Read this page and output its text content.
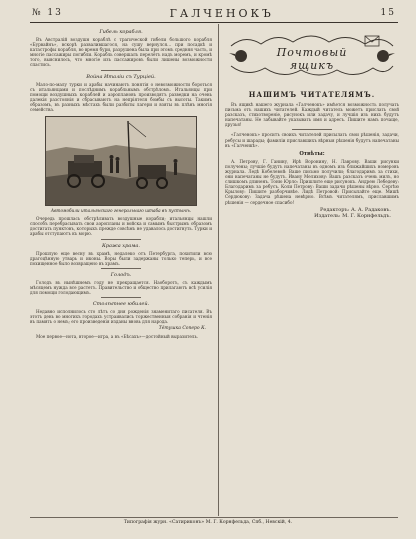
№ 13	ГАЛЧЕНОКЪ	15
Гибель корабля.

Въ Австралій воздушн кораблѣ с трагической гибели большого корабля «Бурвайнъ», вскорѣ развалившагося, на сушу вернулся... при посадкѣ и катастрофы корабля, во время бури, разрушена была при этомъ средняя часть, и многіе пассажиры погибли. Корабль совершалъ перелётъ надъ моремъ, и кромѣ того, выяснилось, что многіе изъ пассажировъ были лишены возможности спастись.

Война Италіи съ Турціей.

Мало-по-малу турки и арабы начинаютъ понятія о невозможности бороться съ итальянцами и послѣднимъ корабльнымъ обстрѣломъ. Итальянцы при помощи воздушныхъ кораблей и аэроплановъ производятъ разведки на очень далекія разстоянія и сбрасываютъ на непріятеля бомбы съ высоты. Такимъ образомъ, въ разныхъ мѣстахъ были разбиты лагери и взяты въ плѣнъ многія семейства.

Автомобили итальянскаго генеральнаго штаба въ пустынѣ.

Очередь прошлась обстрѣливать воздушные корабли; итальянцы нашли способъ перебрасывать свои аэропланы и войска и самымъ быстрымъ образомъ достигать пунктовъ, которыхъ прежде совсѣмъ не удавалось достигнуть. Турки и арабы отступаютъ къ морю.

Кража храма.

Прошлую еще весну въ храмѣ, недалеко отъ Петербурга, похитили всю драгоцѣнную утварь и иконы. Воры были задержаны только теперь, и все похищенное было возвращено въ храмъ.

Голодъ.

Голодъ въ нынѣшнемъ году не прекращается. Наоборотъ, съ каждымъ мѣсяцемъ нужда все растетъ. Правительство и общество прилагаютъ всѣ усилія для помощи голодающимъ.

Столѣтнее юбилей.

Недавно исполнилось сто лѣтъ со дня рожденія знаменитаго писателя. Въ этотъ день во многихъ городахъ устраивались торжественныя собранія и чтенія въ память о немъ; его произведенія изданы вновь для народа.

Тётушка Соперо К.

Мое первое—нота, второе—игра, а въ «Бѣсахъ»—достойный выразитель.

Почтовый ящикъ
НАШИМЪ ЧИТАТЕЛЯМЪ.

Въ ящикѣ нашего журнала «Галченокъ» имѣется возможность получать письма отъ нашихъ читателей. Каждый читатель можетъ прислать свой разсказъ, стихотвореніе, рисунокъ или задачу, и лучшія изъ нихъ будутъ напечатаны. Не забывайте указывать имя и адресъ. Пишите намъ почаще, друзья!

«Галченокъ» проситъ своихъ читателей присылать свои рѣшенія, задачи, ребусы и шарады; фамиліи приславшихъ вѣрныя рѣшенія будутъ напечатаны въ «Галченкѣ».

Отвѣты:

А. Петрову, Г. Ганину, Ирѣ Воронину, Н. Лаврову. Ваши рисунки получены; лучшіе будутъ напечатаны въ одномъ изъ ближайшихъ номеровъ журнала. Ледѣ Кобелевой: Ваше письмо получили; благодаримъ за стихи, они напечатаны не будутъ. Ивану Мелихову: Вашъ разсказъ очень милъ, но слишкомъ длиненъ. Тоню Юрло: Пришлите еще рисунокъ. Андрею Лебедеву: Благодаримъ за ребусъ. Коли Петрову: Ваши задачи рѣшены вѣрно. Сергѣю Крылову: Пишите разборчивѣе. Лидѣ Петровой: Присылайте еще. Мишѣ Сердюкову: Задача рѣшена невѣрно. Всѣмъ читателямъ, приславшимъ рѣшенія — сердечное спасибо!

Редакторъ: А. А. Радаковъ.
Издатель: М. Г. Корнфельдъ.
Типографія журн. «Сатириконъ» М. Г. Корнфельда, Спб., Невскій, 4.
